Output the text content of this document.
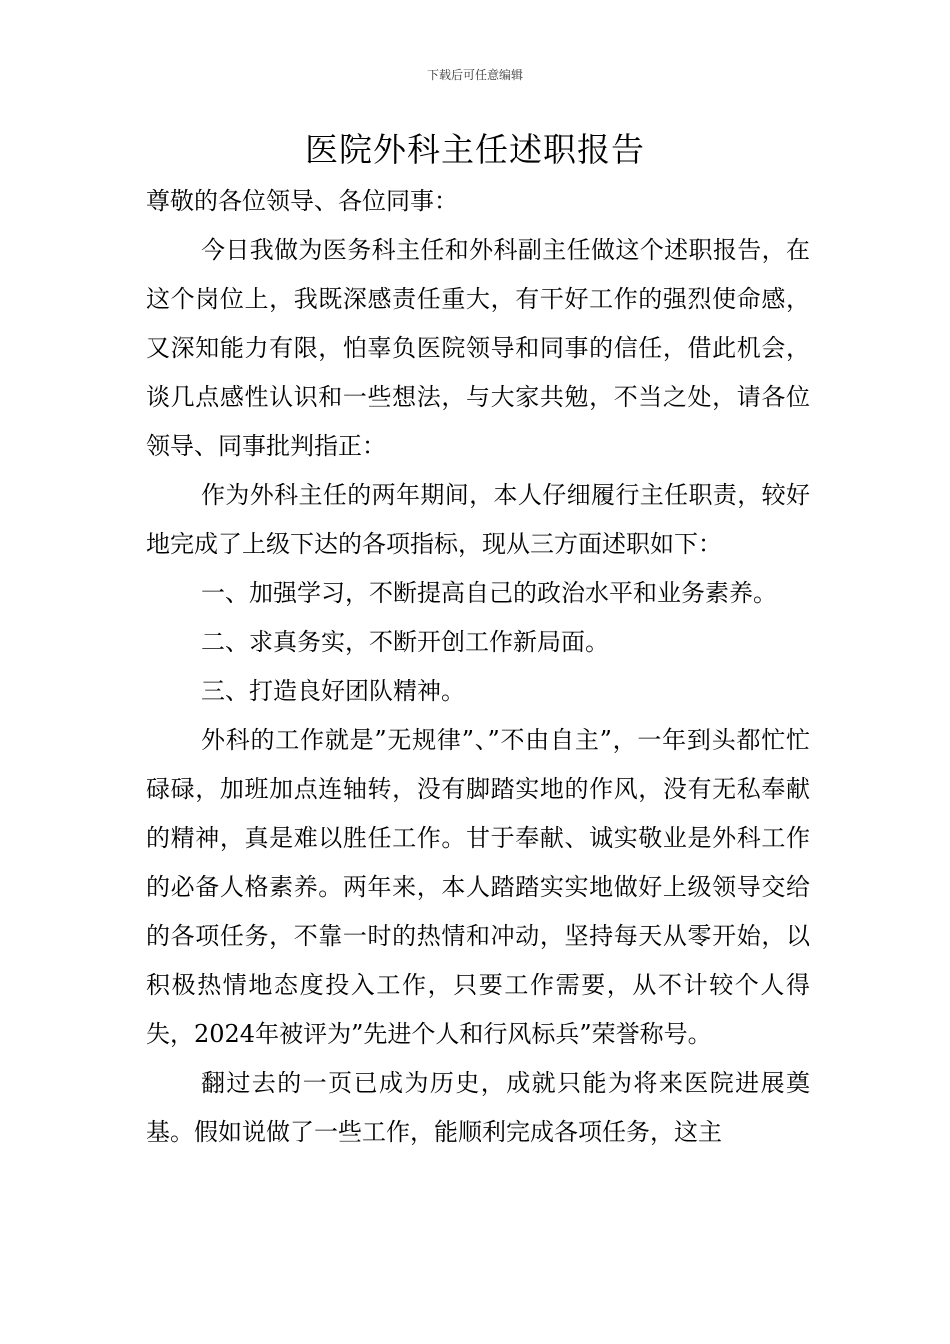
下载后可任意编辑
医院外科主任述职报告

尊敬的各位领导、各位同事：

今日我做为医务科主任和外科副主任做这个述职报告，在这个岗位上，我既深感责任重大，有干好工作的强烈使命感，又深知能力有限，怕辜负医院领导和同事的信任，借此机会，谈几点感性认识和一些想法，与大家共勉，不当之处，请各位领导、同事批判指正：

作为外科主任的两年期间，本人仔细履行主任职责，较好地完成了上级下达的各项指标，现从三方面述职如下：

一、加强学习，不断提高自己的政治水平和业务素养。

二、求真务实，不断开创工作新局面。

三、打造良好团队精神。

外科的工作就是”无规律”、”不由自主”，一年到头都忙忙碌碌，加班加点连轴转，没有脚踏实地的作风，没有无私奉献的精神，真是难以胜任工作。甘于奉献、诚实敬业是外科工作的必备人格素养。两年来，本人踏踏实实地做好上级领导交给的各项任务，不靠一时的热情和冲动，坚持每天从零开始，以积极热情地态度投入工作，只要工作需要，从不计较个人得失，2024年被评为”先进个人和行风标兵”荣誉称号。

翻过去的一页已成为历史，成就只能为将来医院进展奠基。假如说做了一些工作，能顺利完成各项任务，这主
